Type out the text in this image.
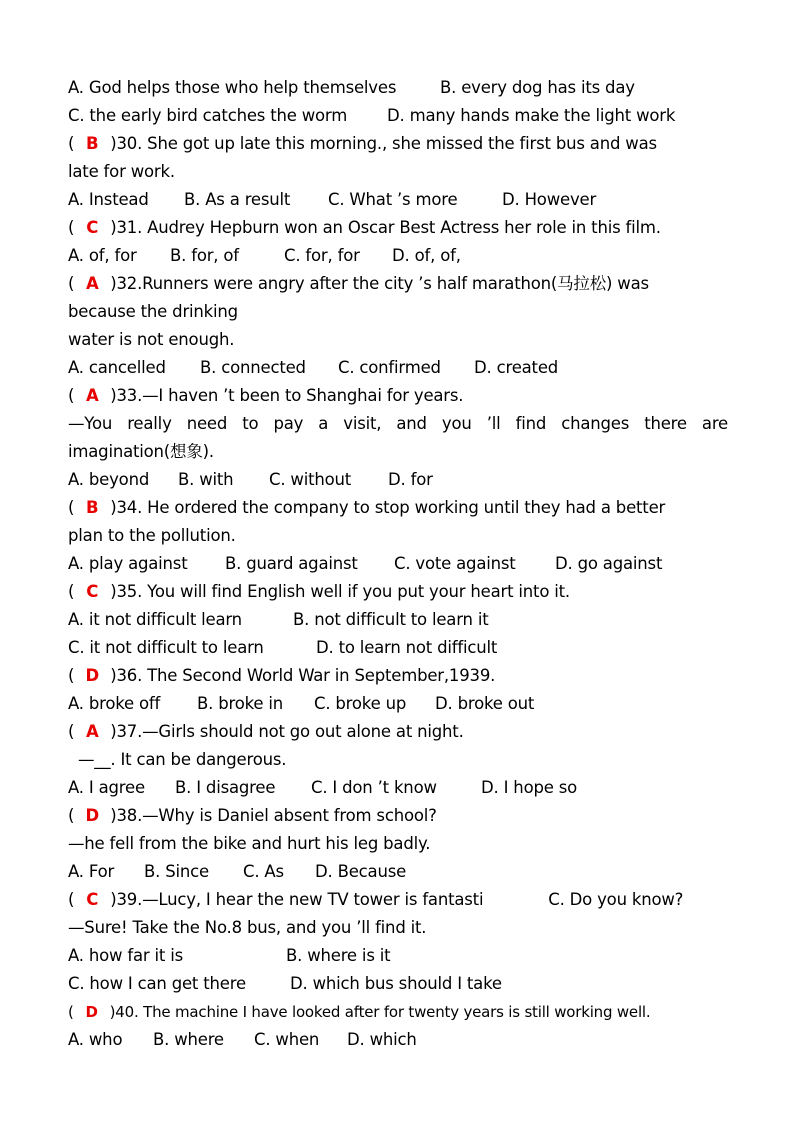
A. God helps those who help themselves	B. every dog has its day
C. the early bird catches the worm D. many hands make the light work
( B )30. She got up late this morning., she missed the first bus and was
late for work.
A. Instead B. As a result C. What ’s more	D. However
( C )31. Audrey Hepburn won an Oscar Best Actress her role in this film.
A. of, for B. for, of	C. for, for D. of, of,
( A )32.Runners were angry after the city ’s half marathon(马拉松) was
because the drinking
water is not enough.
A. cancelled B. connected C. confirmed D. created
( A )33.—I haven ’t been to Shanghai for years.
—You really need to pay a visit, and you ’ll find changes there are
imagination(想象).
A. beyond B. with C. without D. for
( B )34. He ordered the company to stop working until they had a better
plan to the pollution.
A. play against B. guard against C. vote against D. go against
( C )35. You will find English well if you put your heart into it.
A. it not difficult learn	B. not difficult to learn it
C. it not difficult to learn	D. to learn not difficult
( D )36. The Second World War in September,1939.
A. broke off B. broke in C. broke up D. broke out
( A )37.—Girls should not go out alone at night.
—__. It can be dangerous.
A. I agree B. I disagree C. I don ’t know	D. I hope so
( D )38.—Why is Daniel absent from school?
—he fell from the bike and hurt his leg badly.
A. For B. Since C. As D. Because
( C )39.—Lucy, I hear the new TV tower is fantasti	C. Do you know?
—Sure! Take the No.8 bus, and you ’ll find it.
A. how far it is	B. where is it
C. how I can get there	D. which bus should I take
( D )40. The machine I have looked after for twenty years is still working well.
A. who B. where C. when D. which
